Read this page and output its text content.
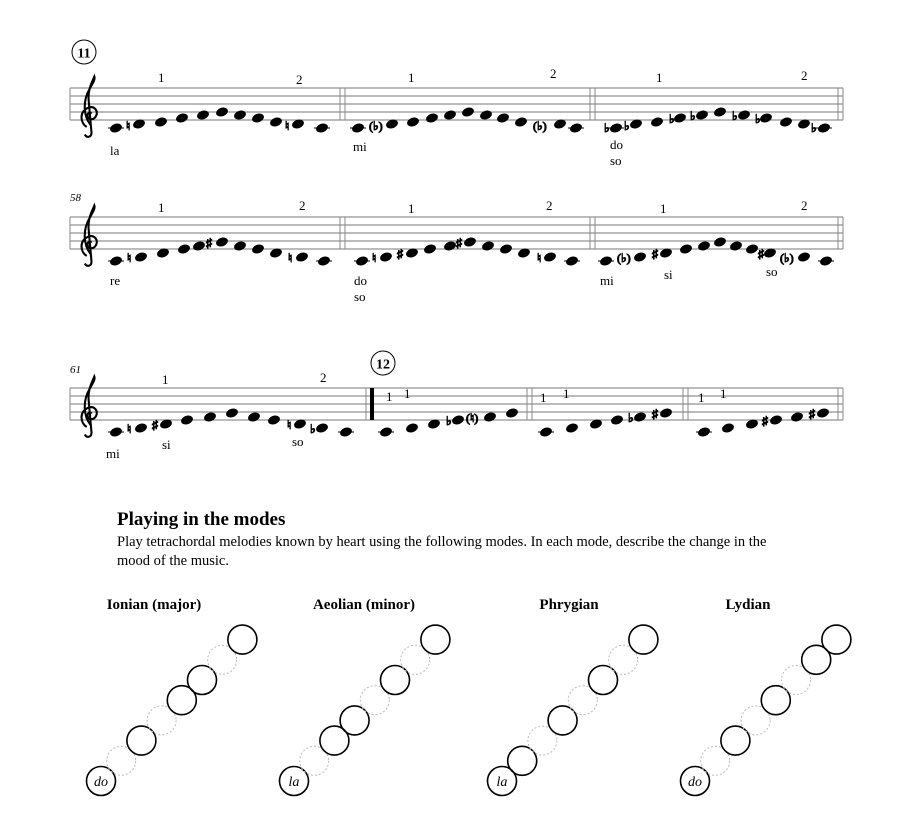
11
♮	♮	(♭)	(♭)	♭ ♭	♭ ♭	♭ ♭
♭
1	2	1	2	1	2
la	mi	do
so
58
♮
♯
♮	♮ ♯
♯
♮	(♭) ♯	♯ (♭)
1	2	1	2	1	2
re	do
so
mi	si	so
61	12
♮ ♯	♮ ♭
♭ (♮)	♭ ♯	♯	♯
1	2
1 1	1 1	1 1
mi
si	so
do	la	la	do
Playing in the modes

Play tetrachordal melodies known by heart using the following modes. In each mode, describe the change in the mood of the music.

Ionian (major)	Aeolian (minor)	Phrygian	Lydian
